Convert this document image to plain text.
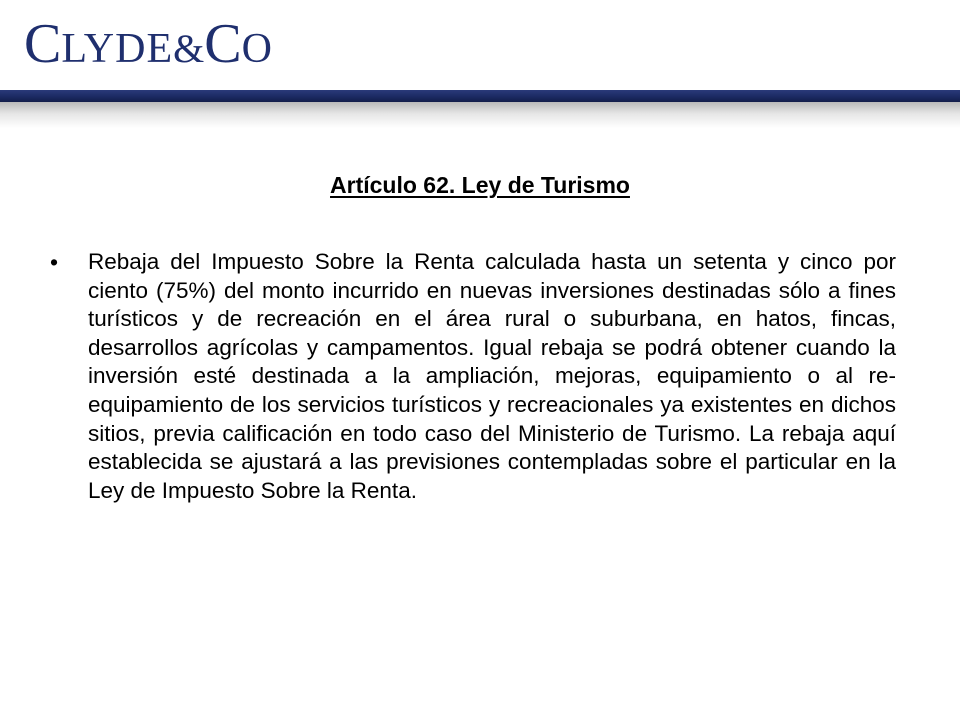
CLYDE&CO
Artículo 62. Ley de Turismo
•	Rebaja del Impuesto Sobre la Renta calculada hasta un setenta y cinco por ciento (75%) del monto incurrido en nuevas inversiones destinadas sólo a fines turísticos y de recreación en el área rural o suburbana, en hatos, fincas, desarrollos agrícolas y campamentos. Igual rebaja se podrá obtener cuando la inversión esté destinada a la ampliación, mejoras, equipamiento o al re-equipamiento de los servicios turísticos y recreacionales ya existentes en dichos sitios, previa calificación en todo caso del Ministerio de Turismo. La rebaja aquí establecida se ajustará a las previsiones contempladas sobre el particular en la Ley de Impuesto Sobre la Renta.
